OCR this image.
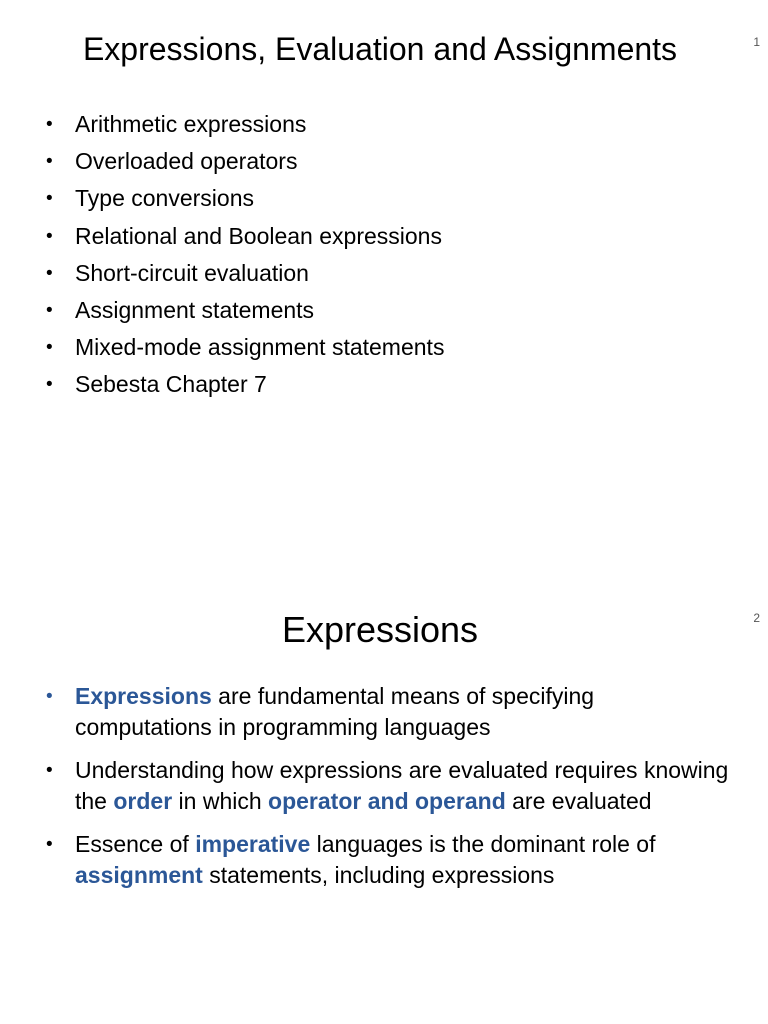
Expressions, Evaluation and Assignments	1
• Arithmetic expressions
• Overloaded operators
• Type conversions
• Relational and Boolean expressions
• Short-circuit evaluation
• Assignment statements
• Mixed-mode assignment statements
• Sebesta Chapter 7
Expressions	2
• Expressions are fundamental means of specifying computations in programming languages
• Understanding how expressions are evaluated requires knowing the order in which operator and operand are evaluated
• Essence of imperative languages is the dominant role of assignment statements, including expressions
